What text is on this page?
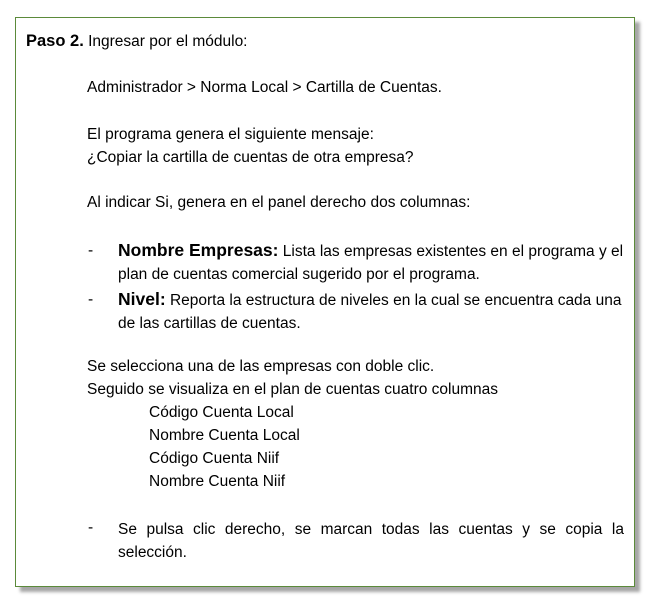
Paso 2. Ingresar por el módulo:
Administrador > Norma Local > Cartilla de Cuentas.
El programa genera el siguiente mensaje:
¿Copiar la cartilla de cuentas de otra empresa?
Al indicar Si, genera en el panel derecho dos columnas:
- Nombre Empresas: Lista las empresas existentes en el programa y el plan de cuentas comercial sugerido por el programa.
- Nivel: Reporta la estructura de niveles en la cual se encuentra cada una de las cartillas de cuentas.
Se selecciona una de las empresas con doble clic.
Seguido se visualiza en el plan de cuentas cuatro columnas
Código Cuenta Local
Nombre Cuenta Local
Código Cuenta Niif
Nombre Cuenta Niif
- Se pulsa clic derecho, se marcan todas las cuentas y se copia la selección.
